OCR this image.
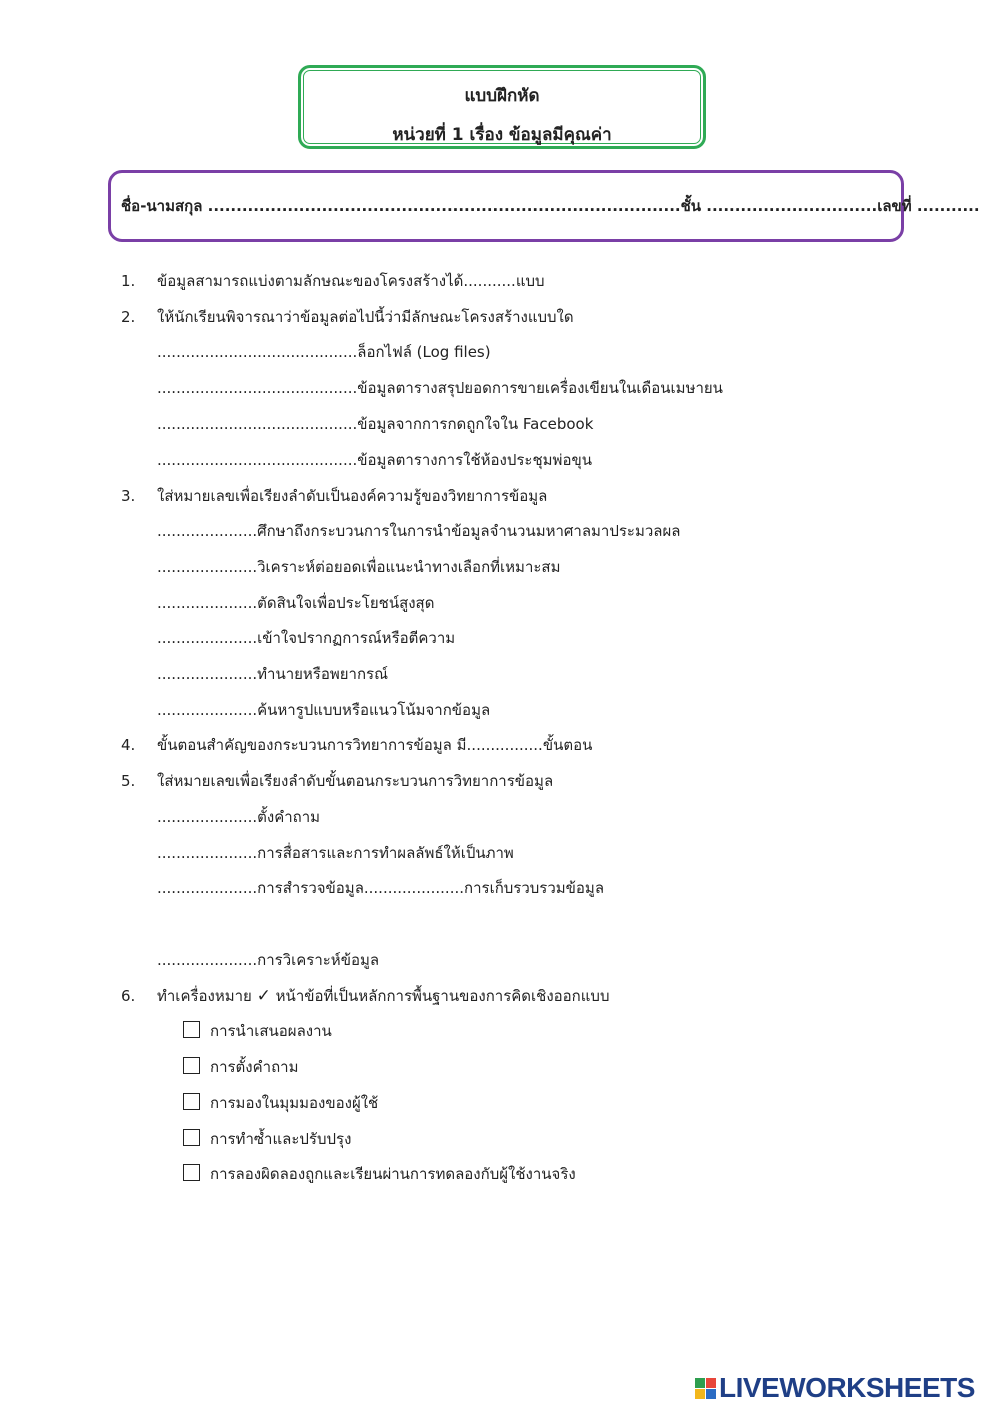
แบบฝึกหัด
หน่วยที่ 1 เรื่อง ข้อมูลมีคุณค่า
ชื่อ-นามสกุล ...................................................................................ชั้น ..............................เลขที่ ...........
1. ข้อมูลสามารถแบ่งตามลักษณะของโครงสร้างได้...........แบบ
2. ให้นักเรียนพิจารณาว่าข้อมูลต่อไปนี้ว่ามีลักษณะโครงสร้างแบบใด
..........................................ล็อกไฟล์ (Log files)
..........................................ข้อมูลตารางสรุปยอดการขายเครื่องเขียนในเดือนเมษายน
..........................................ข้อมูลจากการกดถูกใจใน Facebook
..........................................ข้อมูลตารางการใช้ห้องประชุมพ่อขุน
3. ใส่หมายเลขเพื่อเรียงลำดับเป็นองค์ความรู้ของวิทยาการข้อมูล
.....................ศึกษาถึงกระบวนการในการนำข้อมูลจำนวนมหาศาลมาประมวลผล
.....................วิเคราะห์ต่อยอดเพื่อแนะนำทางเลือกที่เหมาะสม
.....................ตัดสินใจเพื่อประโยชน์สูงสุด
.....................เข้าใจปรากฏการณ์หรือตีความ
.....................ทำนายหรือพยากรณ์
.....................ค้นหารูปแบบหรือแนวโน้มจากข้อมูล
4. ขั้นตอนสำคัญของกระบวนการวิทยาการข้อมูล มี................ขั้นตอน
5. ใส่หมายเลขเพื่อเรียงลำดับขั้นตอนกระบวนการวิทยาการข้อมูล
.....................ตั้งคำถาม
.....................การสื่อสารและการทำผลลัพธ์ให้เป็นภาพ
.....................การสำรวจข้อมูล.....................การเก็บรวบรวมข้อมูล
.....................การวิเคราะห์ข้อมูล
6. ทำเครื่องหมาย ✓ หน้าข้อที่เป็นหลักการพื้นฐานของการคิดเชิงออกแบบ
การนำเสนอผลงาน
การตั้งคำถาม
การมองในมุมมองของผู้ใช้
การทำซ้ำและปรับปรุง
การลองผิดลองถูกและเรียนผ่านการทดลองกับผู้ใช้งานจริง
LIVEWORKSHEETS
